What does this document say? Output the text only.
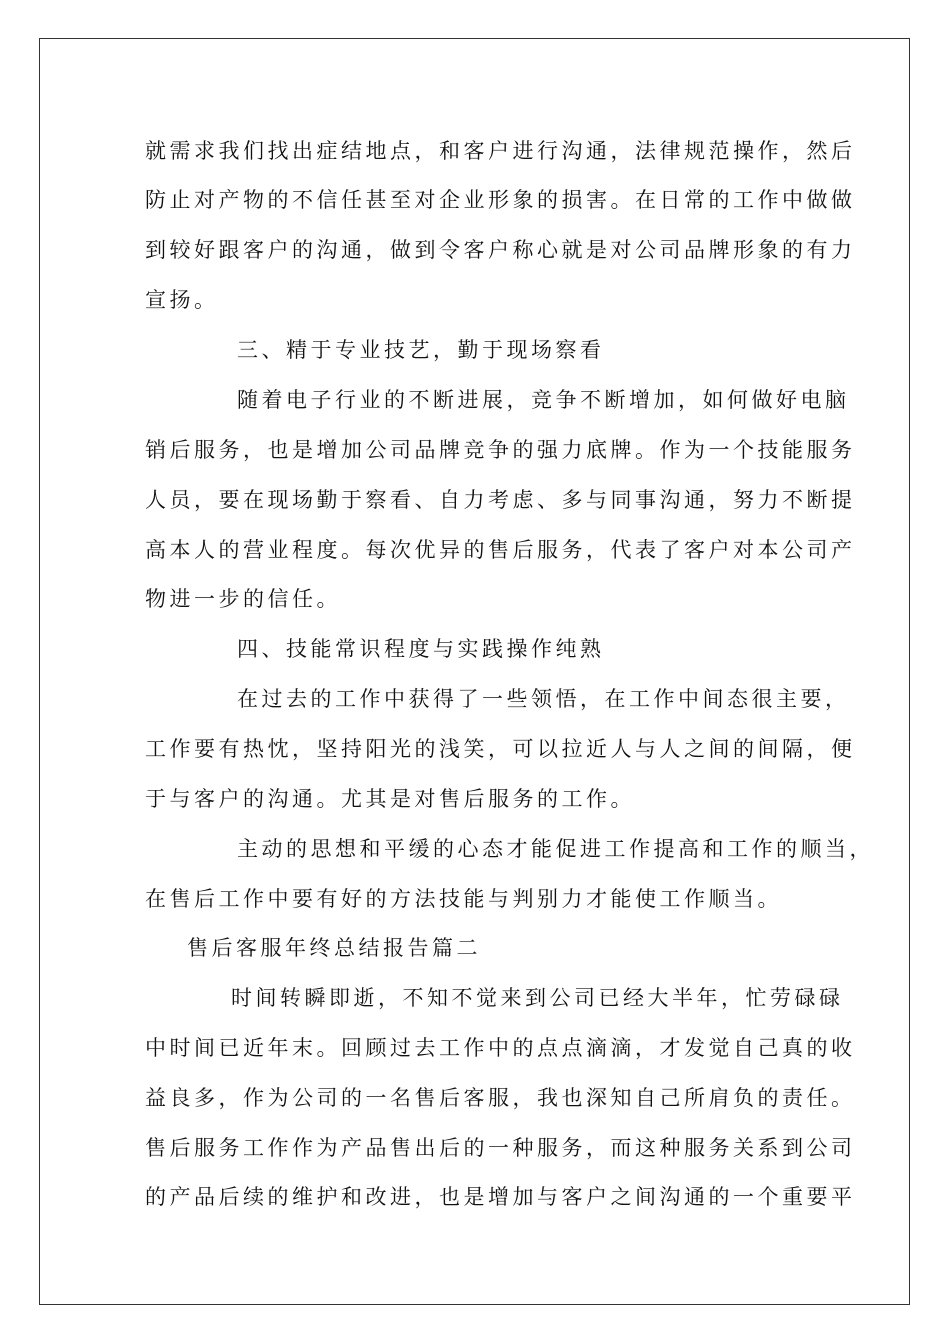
就需求我们找出症结地点，和客户进行沟通，法律规范操作，然后
防止对产物的不信任甚至对企业形象的损害。在日常的工作中做做
到较好跟客户的沟通，做到令客户称心就是对公司品牌形象的有力
宣扬。
三、精于专业技艺，勤于现场察看
随着电子行业的不断进展，竞争不断增加，如何做好电脑
销后服务，也是增加公司品牌竞争的强力底牌。作为一个技能服务
人员，要在现场勤于察看、自力考虑、多与同事沟通，努力不断提
高本人的营业程度。每次优异的售后服务，代表了客户对本公司产
物进一步的信任。
四、技能常识程度与实践操作纯熟
在过去的工作中获得了一些领悟，在工作中间态很主要，
工作要有热忱，坚持阳光的浅笑，可以拉近人与人之间的间隔，便
于与客户的沟通。尤其是对售后服务的工作。
主动的思想和平缓的心态才能促进工作提高和工作的顺当，
在售后工作中要有好的方法技能与判别力才能使工作顺当。
售后客服年终总结报告篇二
时间转瞬即逝，不知不觉来到公司已经大半年，忙劳碌碌
中时间已近年末。回顾过去工作中的点点滴滴，才发觉自己真的收
益良多，作为公司的一名售后客服，我也深知自己所肩负的责任。
售后服务工作作为产品售出后的一种服务，而这种服务关系到公司
的产品后续的维护和改进，也是增加与客户之间沟通的一个重要平
